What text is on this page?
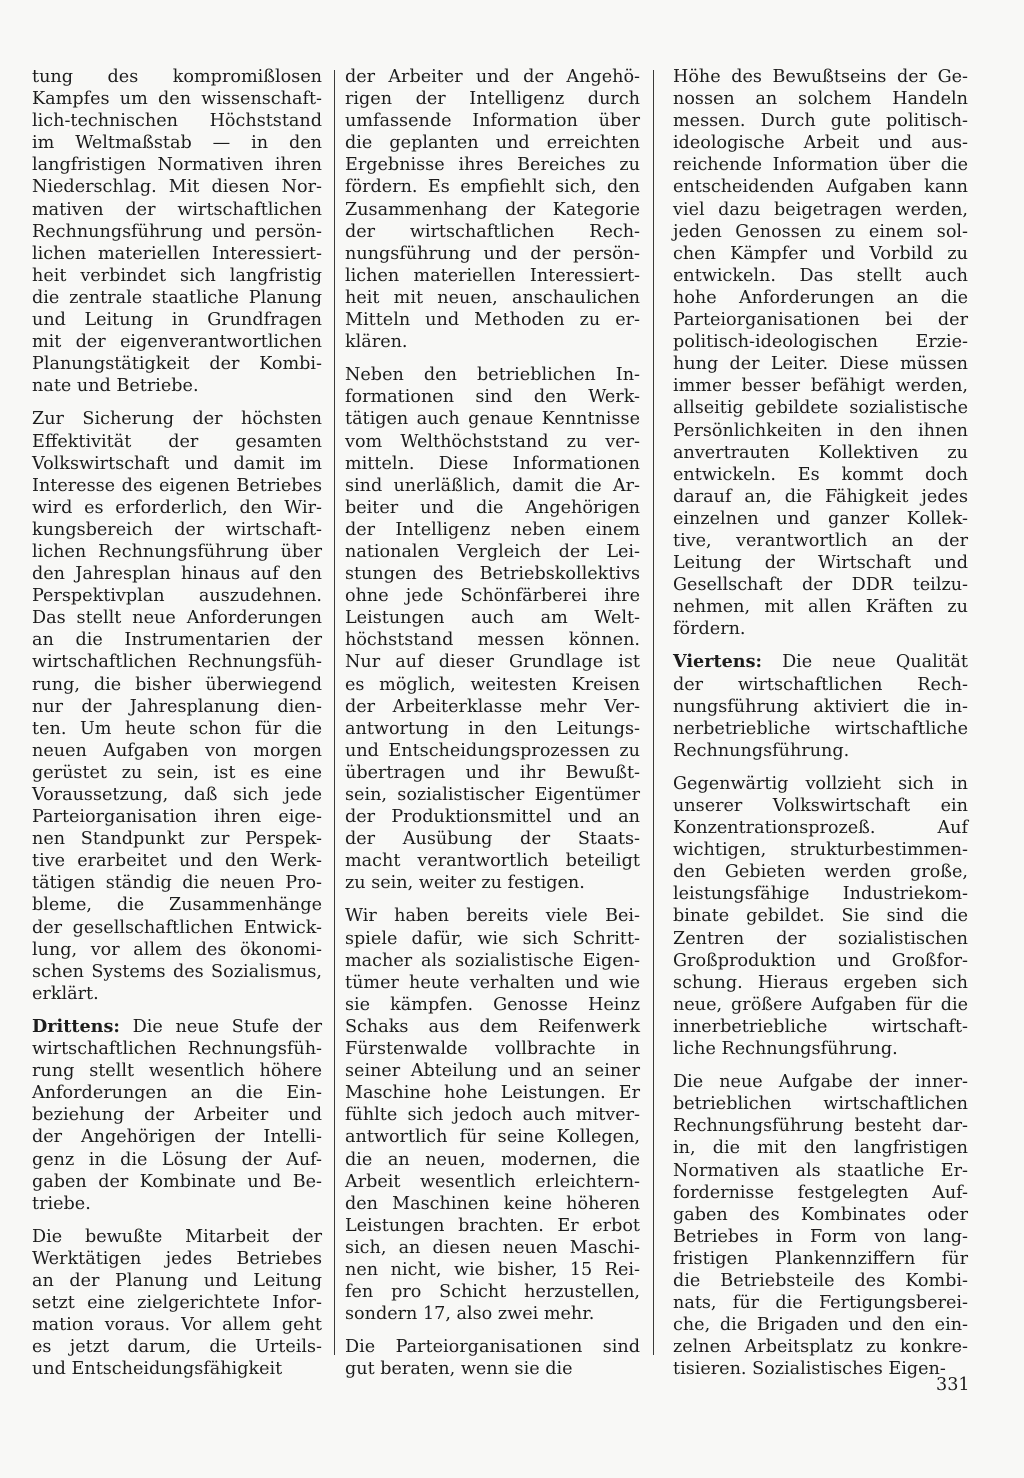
tung des kompromißlosen
Kampfes um den wissenschaft-
lich-technischen Höchststand
im Weltmaßstab — in den
langfristigen Normativen ihren
Niederschlag. Mit diesen Nor-
mativen der wirtschaftlichen
Rechnungsführung und persön-
lichen materiellen Interessiert-
heit verbindet sich langfristig
die zentrale staatliche Planung
und Leitung in Grundfragen
mit der eigenverantwortlichen
Planungstätigkeit der Kombi-
nate und Betriebe.

Zur Sicherung der höchsten
Effektivität der gesamten
Volkswirtschaft und damit im
Interesse des eigenen Betriebes
wird es erforderlich, den Wir-
kungsbereich der wirtschaft-
lichen Rechnungsführung über
den Jahresplan hinaus auf den
Perspektivplan auszudehnen.
Das stellt neue Anforderungen
an die Instrumentarien der
wirtschaftlichen Rechnungsfüh-
rung, die bisher überwiegend
nur der Jahresplanung dien-
ten. Um heute schon für die
neuen Aufgaben von morgen
gerüstet zu sein, ist es eine
Voraussetzung, daß sich jede
Parteiorganisation ihren eige-
nen Standpunkt zur Perspek-
tive erarbeitet und den Werk-
tätigen ständig die neuen Pro-
bleme, die Zusammenhänge
der gesellschaftlichen Entwick-
lung, vor allem des ökonomi-
schen Systems des Sozialismus,
erklärt.

Drittens: Die neue Stufe der
wirtschaftlichen Rechnungsfüh-
rung stellt wesentlich höhere
Anforderungen an die Ein-
beziehung der Arbeiter und
der Angehörigen der Intelli-
genz in die Lösung der Auf-
gaben der Kombinate und Be-
triebe.

Die bewußte Mitarbeit der
Werktätigen jedes Betriebes
an der Planung und Leitung
setzt eine zielgerichtete Infor-
mation voraus. Vor allem geht
es jetzt darum, die Urteils-
und Entscheidungsfähigkeit

der Arbeiter und der Angehö-
rigen der Intelligenz durch
umfassende Information über
die geplanten und erreichten
Ergebnisse ihres Bereiches zu
fördern. Es empfiehlt sich, den
Zusammenhang der Kategorie
der wirtschaftlichen Rech-
nungsführung und der persön-
lichen materiellen Interessiert-
heit mit neuen, anschaulichen
Mitteln und Methoden zu er-
klären.

Neben den betrieblichen In-
formationen sind den Werk-
tätigen auch genaue Kenntnisse
vom Welthöchststand zu ver-
mitteln. Diese Informationen
sind unerläßlich, damit die Ar-
beiter und die Angehörigen
der Intelligenz neben einem
nationalen Vergleich der Lei-
stungen des Betriebskollektivs
ohne jede Schönfärberei ihre
Leistungen auch am Welt-
höchststand messen können.
Nur auf dieser Grundlage ist
es möglich, weitesten Kreisen
der Arbeiterklasse mehr Ver-
antwortung in den Leitungs-
und Entscheidungsprozessen zu
übertragen und ihr Bewußt-
sein, sozialistischer Eigentümer
der Produktionsmittel und an
der Ausübung der Staats-
macht verantwortlich beteiligt
zu sein, weiter zu festigen.

Wir haben bereits viele Bei-
spiele dafür, wie sich Schritt-
macher als sozialistische Eigen-
tümer heute verhalten und wie
sie kämpfen. Genosse Heinz
Schaks aus dem Reifenwerk
Fürstenwalde vollbrachte in
seiner Abteilung und an seiner
Maschine hohe Leistungen. Er
fühlte sich jedoch auch mitver-
antwortlich für seine Kollegen,
die an neuen, modernen, die
Arbeit wesentlich erleichtern-
den Maschinen keine höheren
Leistungen brachten. Er erbot
sich, an diesen neuen Maschi-
nen nicht, wie bisher, 15 Rei-
fen pro Schicht herzustellen,
sondern 17, also zwei mehr.

Die Parteiorganisationen sind
gut beraten, wenn sie die

Höhe des Bewußtseins der Ge-
nossen an solchem Handeln
messen. Durch gute politisch-
ideologische Arbeit und aus-
reichende Information über die
entscheidenden Aufgaben kann
viel dazu beigetragen werden,
jeden Genossen zu einem sol-
chen Kämpfer und Vorbild zu
entwickeln. Das stellt auch
hohe Anforderungen an die
Parteiorganisationen bei der
politisch-ideologischen Erzie-
hung der Leiter. Diese müssen
immer besser befähigt werden,
allseitig gebildete sozialistische
Persönlichkeiten in den ihnen
anvertrauten Kollektiven zu
entwickeln. Es kommt doch
darauf an, die Fähigkeit jedes
einzelnen und ganzer Kollek-
tive, verantwortlich an der
Leitung der Wirtschaft und
Gesellschaft der DDR teilzu-
nehmen, mit allen Kräften zu
fördern.

Viertens: Die neue Qualität
der wirtschaftlichen Rech-
nungsführung aktiviert die in-
nerbetriebliche wirtschaftliche
Rechnungsführung.

Gegenwärtig vollzieht sich in
unserer Volkswirtschaft ein
Konzentrationsprozeß. Auf
wichtigen, strukturbestimmen-
den Gebieten werden große,
leistungsfähige Industriekom-
binate gebildet. Sie sind die
Zentren der sozialistischen
Großproduktion und Großfor-
schung. Hieraus ergeben sich
neue, größere Aufgaben für die
innerbetriebliche wirtschaft-
liche Rechnungsführung.

Die neue Aufgabe der inner-
betrieblichen wirtschaftlichen
Rechnungsführung besteht dar-
in, die mit den langfristigen
Normativen als staatliche Er-
fordernisse festgelegten Auf-
gaben des Kombinates oder
Betriebes in Form von lang-
fristigen Plankennziffern für
die Betriebsteile des Kombi-
nats, für die Fertigungsberei-
che, die Brigaden und den ein-
zelnen Arbeitsplatz zu konkre-
tisieren. Sozialistisches Eigen-

331
